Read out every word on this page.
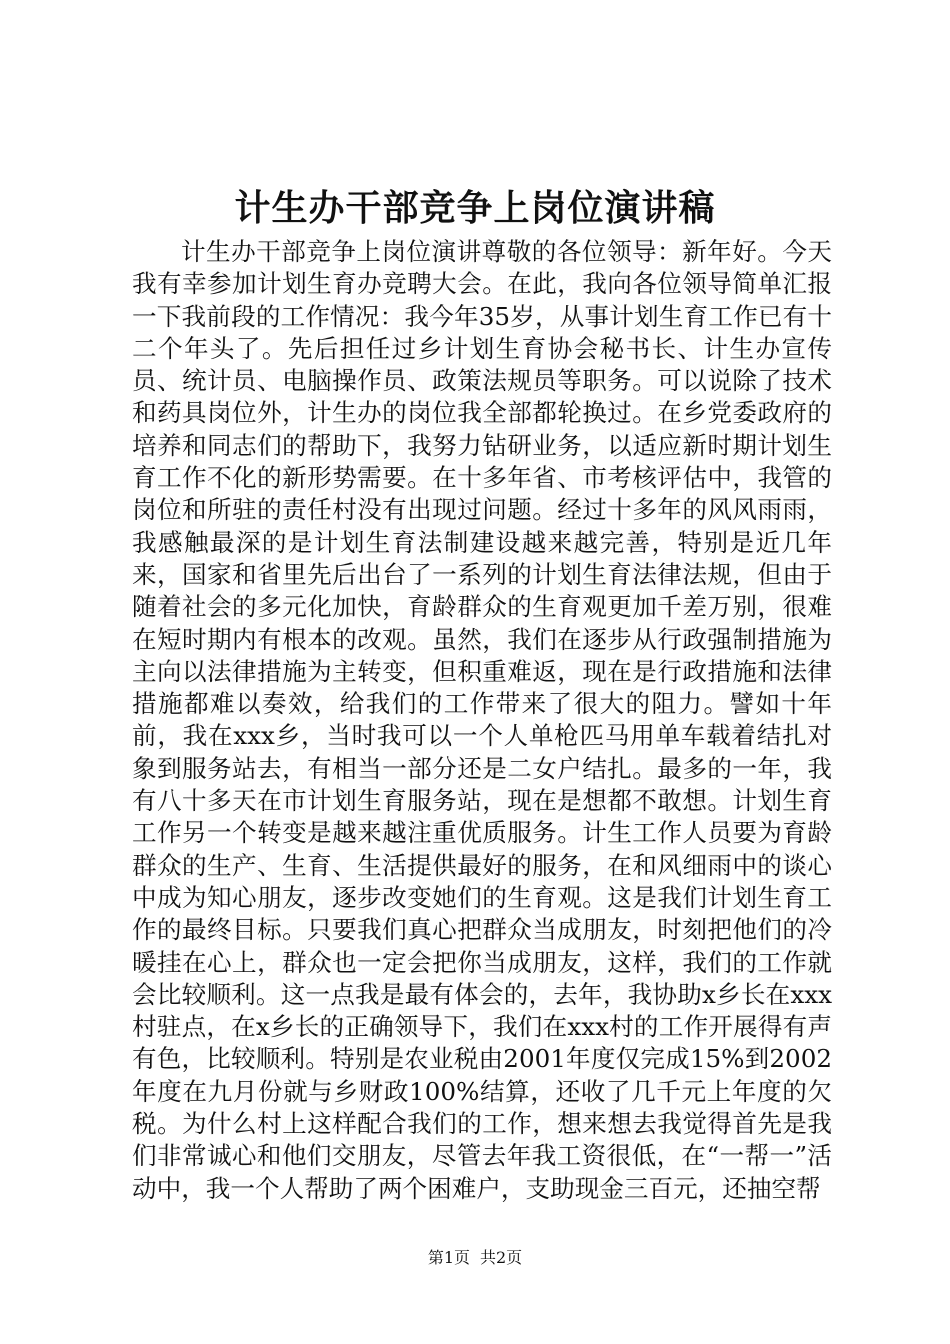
计生办干部竞争上岗位演讲稿

计生办干部竞争上岗位演讲尊敬的各位领导：新年好。今天我有幸参加计划生育办竞聘大会。在此，我向各位领导简单汇报一下我前段的工作情况：我今年35岁，从事计划生育工作已有十二个年头了。先后担任过乡计划生育协会秘书长、计生办宣传员、统计员、电脑操作员、政策法规员等职务。可以说除了技术和药具岗位外，计生办的岗位我全部都轮换过。在乡党委政府的培养和同志们的帮助下，我努力钻研业务，以适应新时期计划生育工作不化的新形势需要。在十多年省、市考核评估中，我管的岗位和所驻的责任村没有出现过问题。经过十多年的风风雨雨，我感触最深的是计划生育法制建设越来越完善，特别是近几年来，国家和省里先后出台了一系列的计划生育法律法规，但由于随着社会的多元化加快，育龄群众的生育观更加千差万别，很难在短时期内有根本的改观。虽然，我们在逐步从行政强制措施为主向以法律措施为主转变，但积重难返，现在是行政措施和法律措施都难以奏效，给我们的工作带来了很大的阻力。譬如十年前，我在xxx乡，当时我可以一个人单枪匹马用单车载着结扎对象到服务站去，有相当一部分还是二女户结扎。最多的一年，我有八十多天在市计划生育服务站，现在是想都不敢想。计划生育工作另一个转变是越来越注重优质服务。计生工作人员要为育龄群众的生产、生育、生活提供最好的服务，在和风细雨中的谈心中成为知心朋友，逐步改变她们的生育观。这是我们计划生育工作的最终目标。只要我们真心把群众当成朋友，时刻把他们的冷暖挂在心上，群众也一定会把你当成朋友，这样，我们的工作就会比较顺利。这一点我是最有体会的，去年，我协助x乡长在xxx村驻点，在x乡长的正确领导下，我们在xxx村的工作开展得有声有色，比较顺利。特别是农业税由2001年度仅完成15%到2002年度在九月份就与乡财政100%结算，还收了几千元上年度的欠税。为什么村上这样配合我们的工作，想来想去我觉得首先是我们非常诚心和他们交朋友，尽管去年我工资很低，在“一帮一”活动中，我一个人帮助了两个困难户，支助现金三百元，还抽空帮

第1页 共2页
